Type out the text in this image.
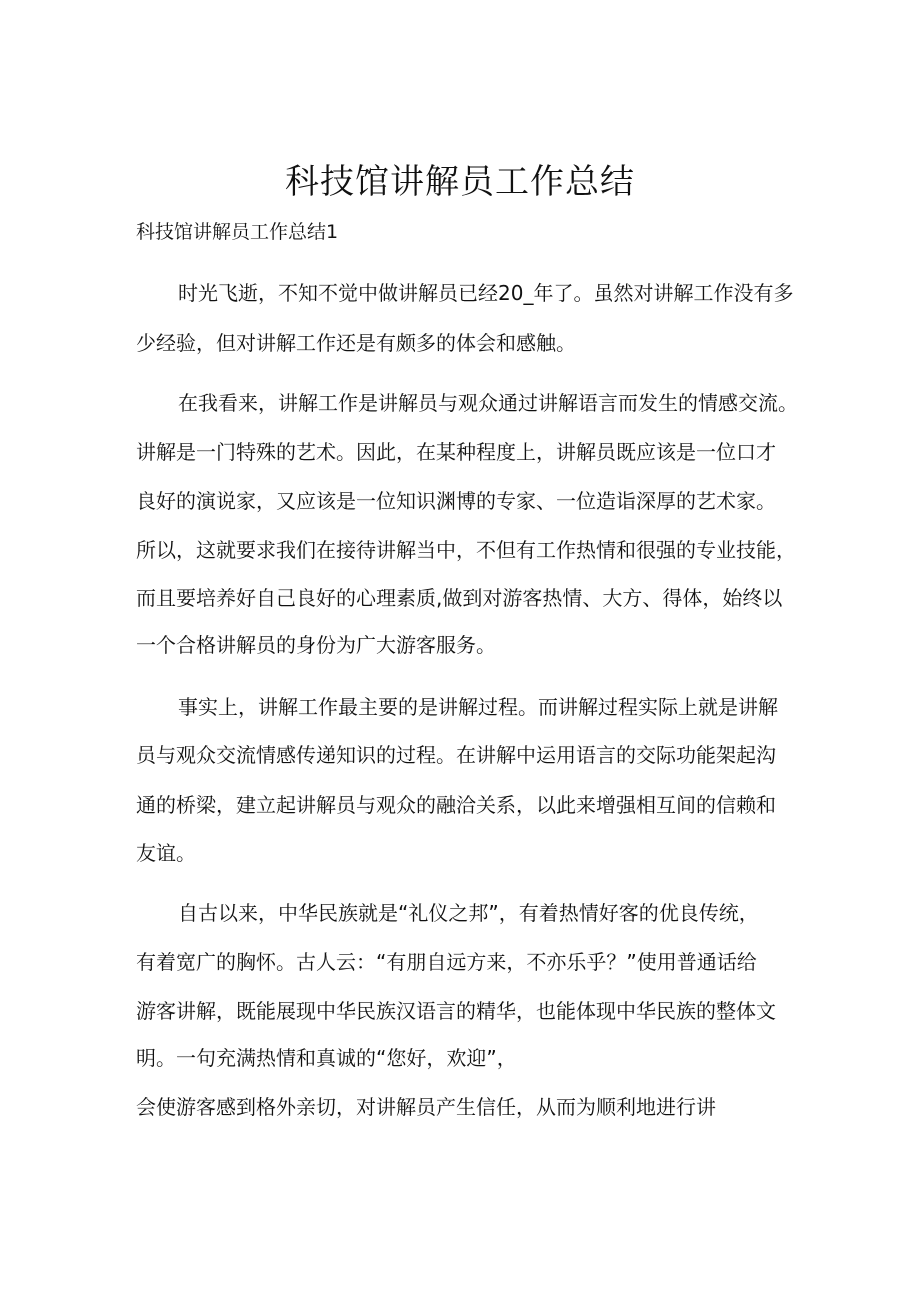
科技馆讲解员工作总结

科技馆讲解员工作总结1

时光飞逝，不知不觉中做讲解员已经20_年了。虽然对讲解工作没有多

少经验，但对讲解工作还是有颇多的体会和感触。

在我看来，讲解工作是讲解员与观众通过讲解语言而发生的情感交流。

讲解是一门特殊的艺术。因此，在某种程度上，讲解员既应该是一位口才

良好的演说家，又应该是一位知识渊博的专家、一位造诣深厚的艺术家。

所以，这就要求我们在接待讲解当中，不但有工作热情和很强的专业技能，

而且要培养好自己良好的心理素质,做到对游客热情、大方、得体，始终以

一个合格讲解员的身份为广大游客服务。

事实上，讲解工作最主要的是讲解过程。而讲解过程实际上就是讲解

员与观众交流情感传递知识的过程。在讲解中运用语言的交际功能架起沟

通的桥梁，建立起讲解员与观众的融洽关系，以此来增强相互间的信赖和

友谊。

自古以来，中华民族就是“礼仪之邦”，有着热情好客的优良传统，

有着宽广的胸怀。古人云：“有朋自远方来，不亦乐乎？”使用普通话给

游客讲解，既能展现中华民族汉语言的精华，也能体现中华民族的整体文

明。一句充满热情和真诚的“您好，欢迎”，

会使游客感到格外亲切，对讲解员产生信任，从而为顺利地进行讲
